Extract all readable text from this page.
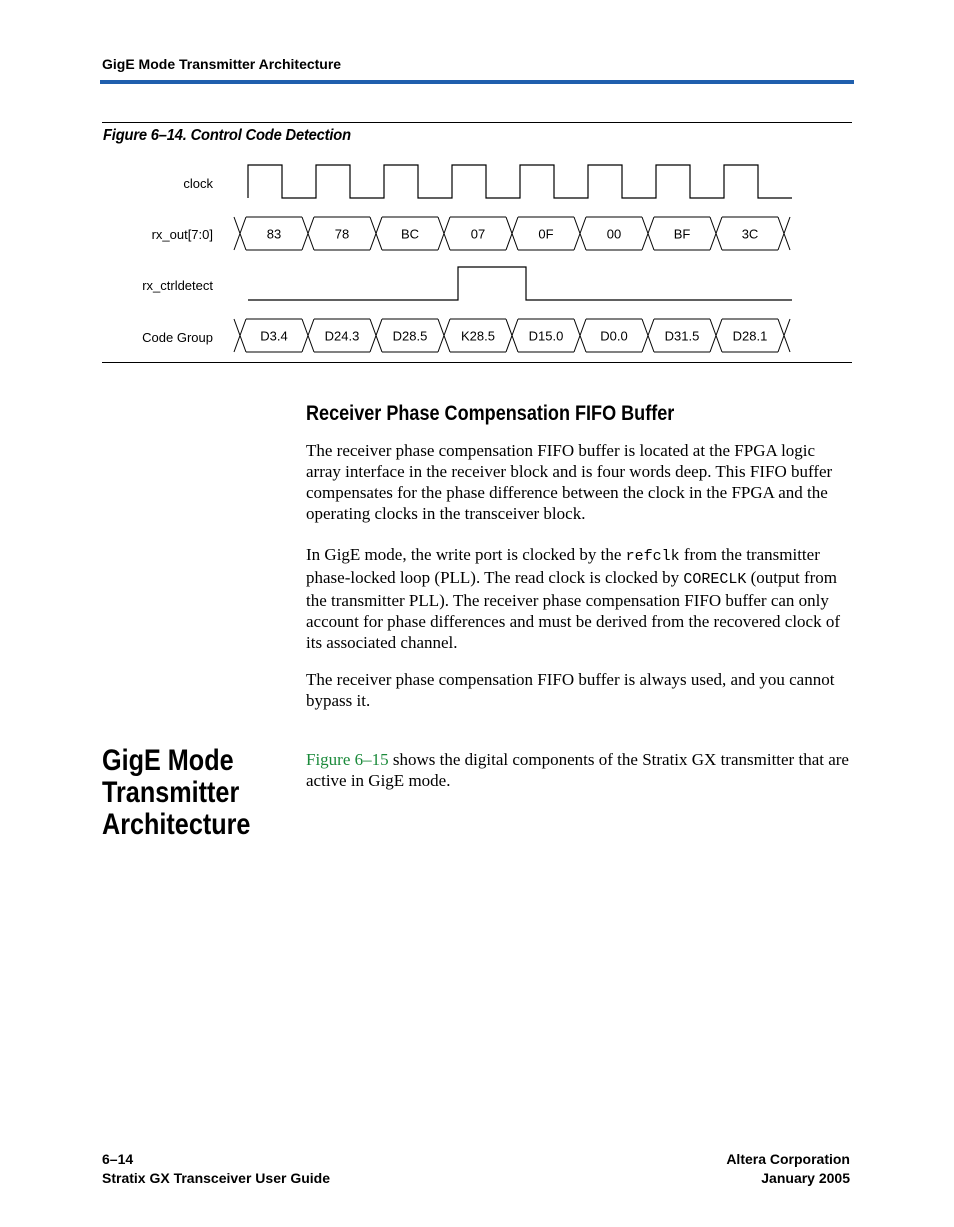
GigE Mode Transmitter Architecture
Figure 6–14. Control Code Detection
clock
rx_out[7:0]
rx_ctrldetect
Code Group
83	78	BC	07	0F	00	BF	3C
D3.4	D24.3	D28.5	K28.5	D15.0	D0.0	D31.5	D28.1
Receiver Phase Compensation FIFO Buffer

The receiver phase compensation FIFO buffer is located at the FPGA logic array interface in the receiver block and is four words deep. This FIFO buffer compensates for the phase difference between the clock in the FPGA and the operating clocks in the transceiver block.

In GigE mode, the write port is clocked by the refclk from the transmitter phase-locked loop (PLL). The read clock is clocked by CORECLK (output from the transmitter PLL). The receiver phase compensation FIFO buffer can only account for phase differences and must be derived from the recovered clock of its associated channel.

The receiver phase compensation FIFO buffer is always used, and you cannot bypass it.

GigE Mode
Transmitter
Architecture

Figure 6–15 shows the digital components of the Stratix GX transmitter that are active in GigE mode.

6–14
Stratix GX Transceiver User Guide
Altera Corporation
January 2005
